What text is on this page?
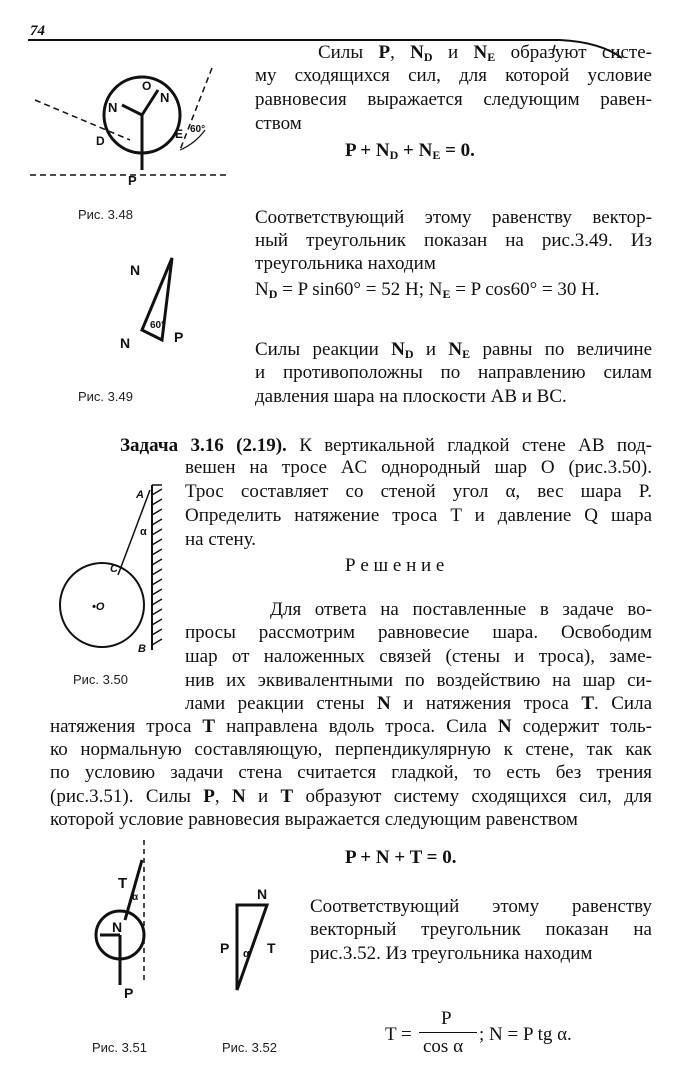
74
Силы P, $N_D$ и $N_E$ образуют систе-
му сходящихся сил, для которой условие
равновесия выражается следующим равен-
ством
$P + N_D + N_E = 0$.
O
N
N
D	E 60°
P
Рис. 3.48	Соответствующий этому равенству вектор-
ный треугольник показан на рис.3.49. Из
треугольника находим
$N_D = P$ sin60° = 52 H; $N_E = P$ cos60° = 30 H.
N
60°
N	P
Силы реакции $N_D$ и $N_E$ равны по величине
и противоположны по направлению силам
давления шара на плоскости AB и BC.
Рис. 3.49
Задача 3.16 (2.19). К вертикальной гладкой стене AB под-
вешен на тросе AC однородный шар O (рис.3.50).
Трос составляет со стеной угол α, вес шара P.
Определить натяжение троса T и давление Q шара
на стену.
Р е ш е н и е
A
C
α
•O
B
Рис. 3.50
Для ответа на поставленные в задаче во-
просы рассмотрим равновесие шара. Освободим
шар от наложенных связей (стены и троса), заме-
нив их эквивалентными по воздействию на шар си-
лами реакции стены N и натяжения троса T. Сила
натяжения троса T направлена вдоль троса. Сила N содержит толь-
ко нормальную составляющую, перпендикулярную к стене, так как
по условию задачи стена считается гладкой, то есть без трения
(рис.3.51). Силы P, N и T образуют систему сходящихся сил, для
которой условие равновесия выражается следующим равенством
P + N + T = 0.
T
α
N
P
Рис. 3.51
N
P α T
Рис. 3.52
Соответствующий этому равенству
векторный треугольник показан на
рис.3.52. Из треугольника находим
T =
P
cos α
; N = P tg α.
